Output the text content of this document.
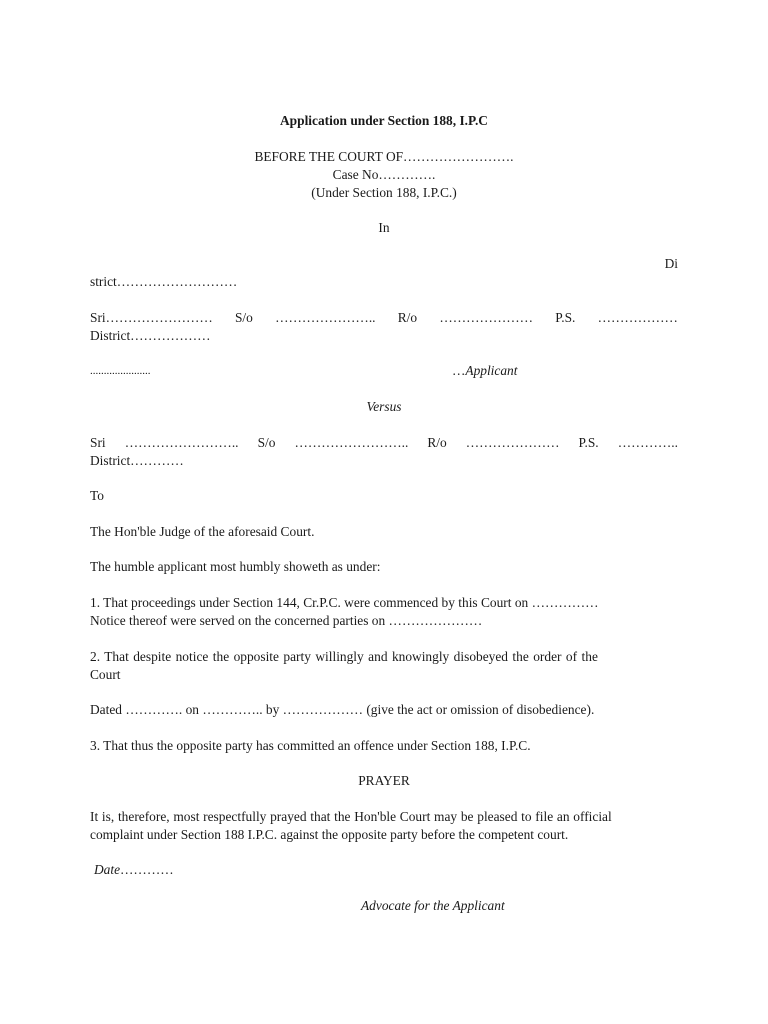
Application under Section 188, I.P.C
BEFORE THE COURT OF…………………….
Case No………….
(Under Section 188, I.P.C.)
In
Di
strict………………………
Sri…………………… S/o ………………….. R/o ………………… P.S. ………………
District………………
......................	…Applicant
Versus
Sri …………………….. S/o …………………….. R/o ………………… P.S. …………..
District…………
To
The Hon'ble Judge of the aforesaid Court.
The humble applicant most humbly showeth as under:
1. That proceedings under Section 144, Cr.P.C. were commenced by this Court on ……………
Notice thereof were served on the concerned parties on …………………
2. That despite notice the opposite party willingly and knowingly disobeyed the order of the
Court
Dated …………. on ………….. by ……………… (give the act or omission of disobedience).
3. That thus the opposite party has committed an offence under Section 188, I.P.C.
PRAYER
It is, therefore, most respectfully prayed that the Hon'ble Court may be pleased to file an official
complaint under Section 188 I.P.C. against the opposite party before the competent court.
Date…………
Advocate for the Applicant
